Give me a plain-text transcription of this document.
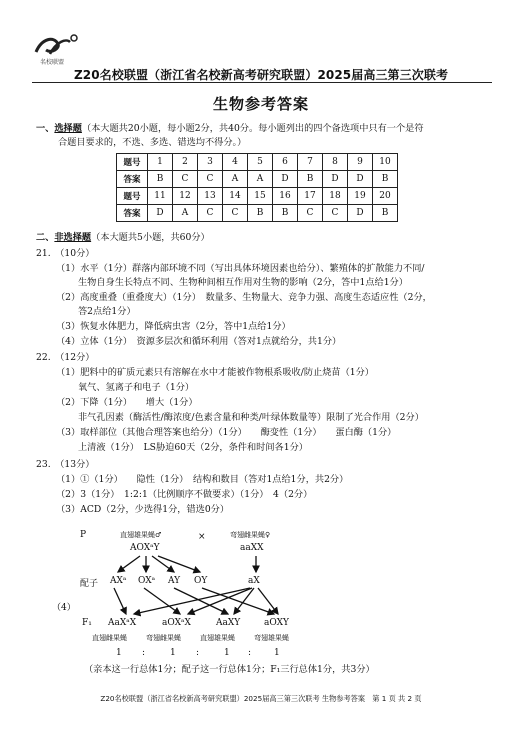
名校联盟
Z20名校联盟（浙江省名校新高考研究联盟）2025届高三第三次联考
生物参考答案
一、选择题（本大题共20小题，每小题2分，共40分。每小题列出的四个备选项中只有一个是符
合题目要求的，不选、多选、错选均不得分。）
题号	1	2	3	4	5	6	7	8	9	10
答案	B	C	C	A	A	D	B	D	D	B
题号	11	12	13	14	15	16	17	18	19	20
答案	D	A	C	C	B	B	C	C	D	B
二、非选择题（本大题共5小题，共60分）
21.　（10分）
（1）水平（1分）群落内部环境不同（写出具体环境因素也给分）、繁殖体的扩散能力不同/
生物自身生长特点不同、生物种间相互作用对生物的影响（2分，答中1点给1分）
（2）高度重叠（重叠度大）（1分）　数量多、生物量大、竞争力强、高度生态适应性（2分，
答2点给1分）
（3）恢复水体肥力，降低病虫害（2分，答中1点给1分）
（4）立体（1分）　资源多层次和循环利用（答对1点就给分，共1分）
22.　（12分）
（1）肥料中的矿质元素只有溶解在水中才能被作物根系吸收/防止烧苗（1分）
氧气、氢离子和电子（1分）
（2）下降（1分）　　增大（1分）
非气孔因素（酶活性/酶浓度/色素含量和种类/叶绿体数量等）限制了光合作用（2分）
（3）取样部位（其他合理答案也给分）（1分）　　酶变性（1分）　　蛋白酶（1分）
上清液（1分）　LS胁迫60天（2分，条件和时间各1分）
23.　（13分）
（1）①（1分）　　隐性（1分）　结构和数目（答对1点给1分，共2分）
（2）3（1分）　1:2:1（比例顺序不做要求）（1分）　4（2分）
（3）ACD（2分，少选得1分，错选0分）
P	直翅雄果蝇♂	×	弯翅雌果蝇♀
AOXᵃY	aaXX
（4）
配子 AXᵃ OXᵃ AY OY	aX
F₁ AaXᵃX	aOXᵃX	AaXY	aOXY
直翅雌果蝇	弯翅雌果蝇	直翅雄果蝇	弯翅雄果蝇
1 :	1 :	1 :	1
（亲本这一行总体1分；配子这一行总体1分；F₁三行总体1分，共3分）
Z20名校联盟（浙江省名校新高考研究联盟）2025届高三第三次联考 生物参考答案　第 1 页 共 2 页
